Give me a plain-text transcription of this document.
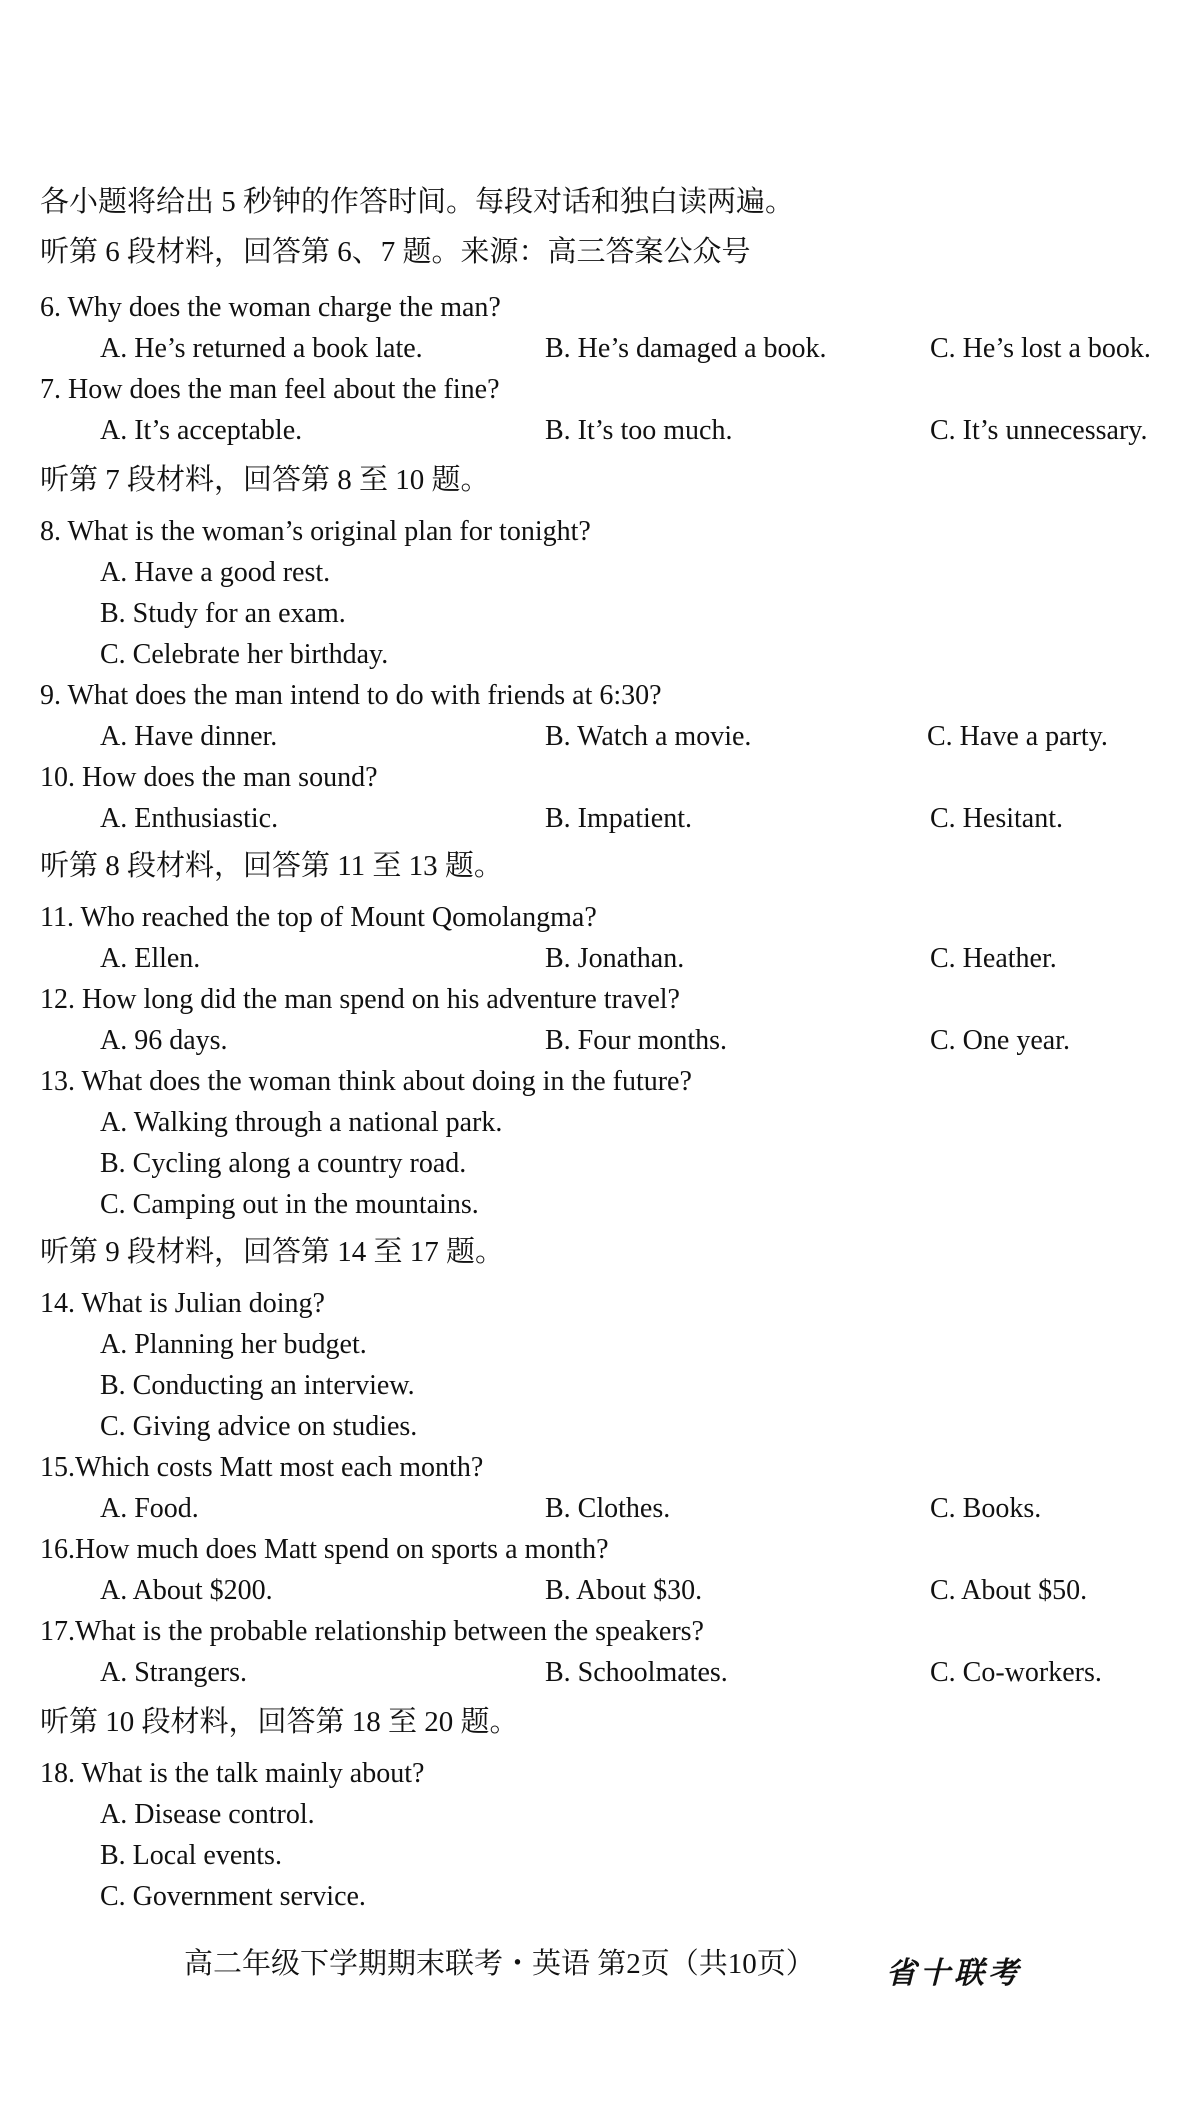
各小题将给出 5 秒钟的作答时间。每段对话和独白读两遍。
听第 6 段材料，回答第 6、7 题。来源：高三答案公众号
6. Why does the woman charge the man?
A. He’s returned a book late.	B. He’s damaged a book.	C. He’s lost a book.
7. How does the man feel about the fine?
A. It’s acceptable.	B. It’s too much.	C. It’s unnecessary.
听第 7 段材料，回答第 8 至 10 题。
8. What is the woman’s original plan for tonight?
A. Have a good rest.
B. Study for an exam.
C. Celebrate her birthday.
9. What does the man intend to do with friends at 6:30?
A. Have dinner.	B. Watch a movie.	C. Have a party.
10. How does the man sound?
A. Enthusiastic.	B. Impatient.	C. Hesitant.
听第 8 段材料，回答第 11 至 13 题。
11. Who reached the top of Mount Qomolangma?
A. Ellen.	B. Jonathan.	C. Heather.
12. How long did the man spend on his adventure travel?
A. 96 days.	B. Four months.	C. One year.
13. What does the woman think about doing in the future?
A. Walking through a national park.
B. Cycling along a country road.
C. Camping out in the mountains.
听第 9 段材料，回答第 14 至 17 题。
14. What is Julian doing?
A. Planning her budget.
B. Conducting an interview.
C. Giving advice on studies.
15.Which costs Matt most each month?
A. Food.	B. Clothes.	C. Books.
16.How much does Matt spend on sports a month?
A. About $200.	B. About $30.	C. About $50.
17.What is the probable relationship between the speakers?
A. Strangers.	B. Schoolmates.	C. Co-workers.
听第 10 段材料，回答第 18 至 20 题。
18. What is the talk mainly about?
A. Disease control.
B. Local events.
C. Government service.
高二年级下学期期末联考・英语 第2页（共10页） 省十联考
